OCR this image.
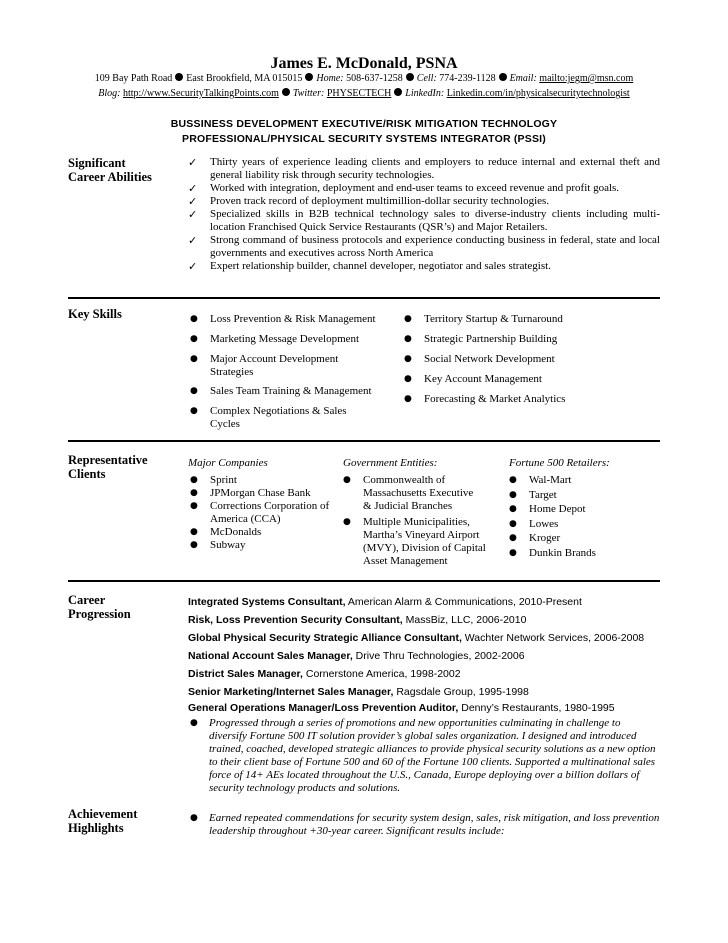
James E. McDonald, PSNA
109 Bay Path Road East Brookfield, MA 015015 Home: 508-637-1258 Cell: 774-239-1128 Email: mailto:jegm@msn.com
Blog: http://www.SecurityTalkingPoints.com Twitter: PHYSECTECH LinkedIn: Linkedin.com/in/physicalsecuritytechnologist
BUSSINESS DEVELOPMENT EXECUTIVE/RISK MITIGATION TECHNOLOGY
PROFESSIONAL/PHYSICAL SECURITY SYSTEMS INTEGRATOR (PSSI)
Significant
Career Abilities
✓ Thirty years of experience leading clients and employers to reduce internal and external theft and general liability risk through security technologies.
✓ Worked with integration, deployment and end-user teams to exceed revenue and profit goals.
✓ Proven track record of deployment multimillion-dollar security technologies.
✓ Specialized skills in B2B technical technology sales to diverse-industry clients including multi-location Franchised Quick Service Restaurants (QSR’s) and Major Retailers.
✓ Strong command of business protocols and experience conducting business in federal, state and local governments and executives across North America
✓ Expert relationship builder, channel developer, negotiator and sales strategist.
Key Skills	● Loss Prevention & Risk Management
● Marketing Message Development
● Major Account Development Strategies
● Sales Team Training & Management
● Complex Negotiations & Sales Cycles
● Territory Startup & Turnaround
● Strategic Partnership Building
● Social Network Development
● Key Account Management
● Forecasting & Market Analytics
Representative
Clients
Major Companies
● Sprint
● JPMorgan Chase Bank
● Corrections Corporation of America (CCA)
● McDonalds
● Subway
Government Entities:
● Commonwealth of Massachusetts Executive & Judicial Branches
● Multiple Municipalities, Martha’s Vineyard Airport (MVY), Division of Capital Asset Management
Fortune 500 Retailers:
● Wal-Mart
● Target
● Home Depot
● Lowes
● Kroger
● Dunkin Brands
Career
Progression
Integrated Systems Consultant, American Alarm & Communications, 2010-Present
Risk, Loss Prevention Security Consultant, MassBiz, LLC, 2006-2010
Global Physical Security Strategic Alliance Consultant, Wachter Network Services, 2006-2008
National Account Sales Manager, Drive Thru Technologies, 2002-2006
District Sales Manager, Cornerstone America, 1998-2002
Senior Marketing/Internet Sales Manager, Ragsdale Group, 1995-1998
General Operations Manager/Loss Prevention Auditor, Denny’s Restaurants, 1980-1995
● Progressed through a series of promotions and new opportunities culminating in challenge to diversify Fortune 500 IT solution provider’s global sales organization. I designed and introduced trained, coached, developed strategic alliances to provide physical security solutions as a new option to their client base of Fortune 500 and 60 of the Fortune 100 clients. Supported a multinational sales force of 14+ AEs located throughout the U.S., Canada, Europe deploying over a billion dollars of security technology products and solutions.
Achievement
Highlights
● Earned repeated commendations for security system design, sales, risk mitigation, and loss prevention leadership throughout +30-year career. Significant results include:
